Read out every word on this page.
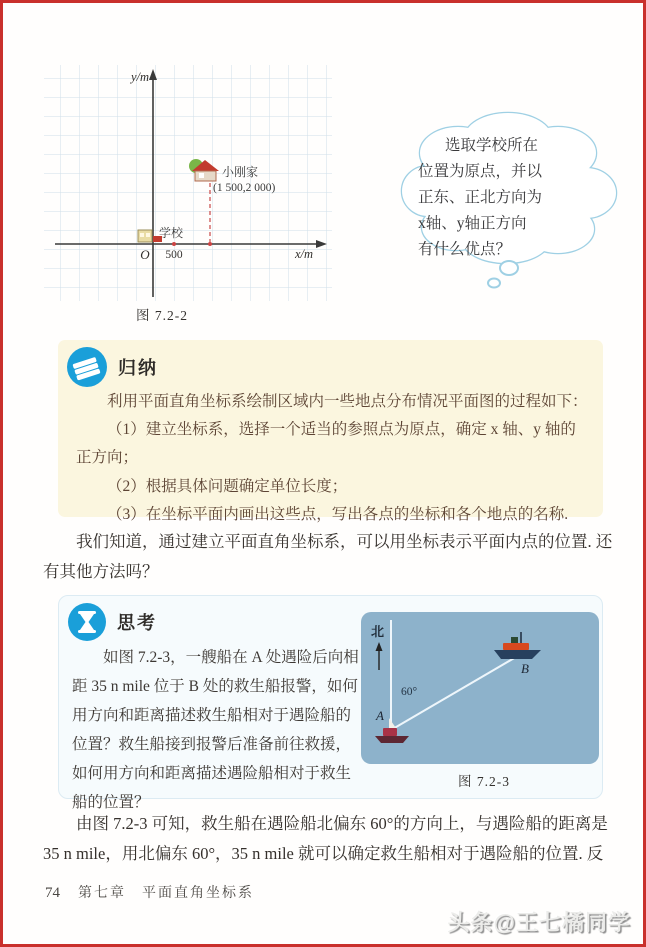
y/m
x/m
O 500
学校
小刚家
(1 500,2 000)
图 7.2-2
选取学校所在
位置为原点，并以
正东、正北方向为
x轴、y轴正方向
有什么优点？
归纳

利用平面直角坐标系绘制区域内一些地点分布情况平面图的过程如下：

（1）建立坐标系，选择一个适当的参照点为原点，确定 x 轴、y 轴的正方向；

（2）根据具体问题确定单位长度；

（3）在坐标平面内画出这些点，写出各点的坐标和各个地点的名称.

我们知道，通过建立平面直角坐标系，可以用坐标表示平面内点的位置. 还有其他方法吗？

思考

如图 7.2-3，一艘船在 A 处遇险后向相距 35 n mile 位于 B 处的救生船报警，如何用方向和距离描述救生船相对于遇险船的位置？救生船接到报警后准备前往救援，如何用方向和距离描述遇险船相对于救生船的位置？

北
60°
A
B
图 7.2-3

由图 7.2-3 可知，救生船在遇险船北偏东 60°的方向上，与遇险船的距离是 35 n mile，用北偏东 60°，35 n mile 就可以确定救生船相对于遇险船的位置. 反

74 第七章 平面直角坐标系
头条@王七橘同学
